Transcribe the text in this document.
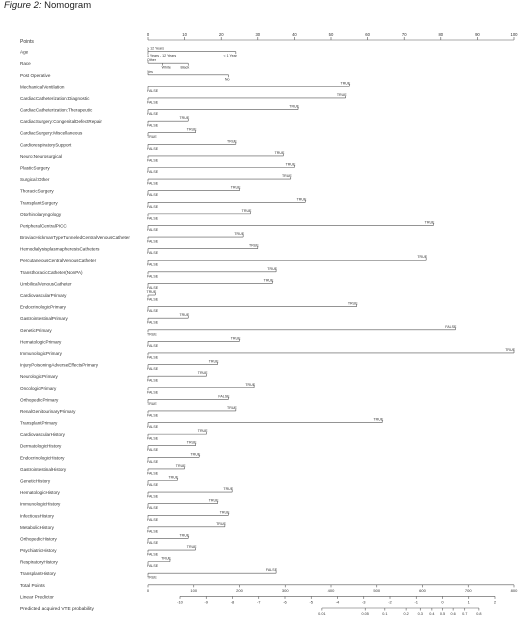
Figure 2: Nomogram
Points
0	10	20	30	40	50	60	70	80	90	100
Age
1 Years - 12 Years
> 12 Years
< 1 Year
Race
White
Other
Black
Post Operative
No
Yes
MechanicalVentilation
FALSE
TRUE
CardiacCatheterization:Diagnostic
FALSE
TRUE
CardiacCatheterization:Therapeutic
FALSE
TRUE
CardiacSurgery:CongenitalDefectRepair
FALSE
TRUE
CardiacSurgery:Miscellaneous
TRUE
TRUE
CardiorespiratorySupport
FALSE
TRUE
Neuro:Neurosurgical
FALSE
TRUE
PlasticSurgery
FALSE
TRUE
Surgical:Other
FALSE
TRUE
ThoracicSurgery
FALSE
TRUE
TransplantSurgery
FALSE
TRUE
Otorhinolaryngology
FALSE
TRUE
PeripheralCentralPICC
FALSE
TRUE
BroviacHickmanTypeTunneledCentralVenousCatheter
FALSE
TRUE
HemodialysisplasmapheresisCatheters
FALSE
TRUE
PercutaneousCentralVenousCatheter
FALSE
TRUE
TransthoracicCatheter(NonPA)
FALSE
TRUE
UmbilicalVenousCatheter
FALSE
TRUE
CardiovascularPrimary
FALSE
TRUE
EndocrinologicPrimary
FALSE
TRUE
GastrointestinalPrimary
FALSE
TRUE
GeneticPrimary
TRUE
FALSE
HematologicPrimary
FALSE
TRUE
ImmunologicPrimary
FALSE
TRUE
InjuryPoisoningAdverseEffectsPrimary
FALSE
TRUE
NeurologicPrimary
FALSE
TRUE
OncologicPrimary
FALSE
TRUE
OrthopedicPrimary
TRUE
FALSE
RenalGenitourinaryPrimary
FALSE
TRUE
TransplantPrimary
FALSE
TRUE
CardiovascularHistory
FALSE
TRUE
DermatologicHistory
FALSE
TRUE
EndocrinologicHistory
FALSE
TRUE
GastrointestinalHistory
FALSE
TRUE
GeneticHistory
FALSE
TRUE
HematologicHistory
FALSE
TRUE
ImmunologicHistory
FALSE
TRUE
InfectiousHistory
FALSE
TRUE
MetabolicHistory
FALSE
TRUE
OrthopedicHistory
FALSE
TRUE
PsychiatricHistory
FALSE
TRUE
RespiratoryHistory
FALSE
TRUE
TransplantHistory
TRUE
FALSE
Total Points
0	100	200	300	400	500	600	700	800
Linear Predictor
-10	-9	-8	-7	-6	-5	-4	-3	-2	-1	0	1	2
Predicted acquired VTE probability
0.01	0.05	0.1	0.2 0.3 0.4 0.5 0.6 0.7 0.8
